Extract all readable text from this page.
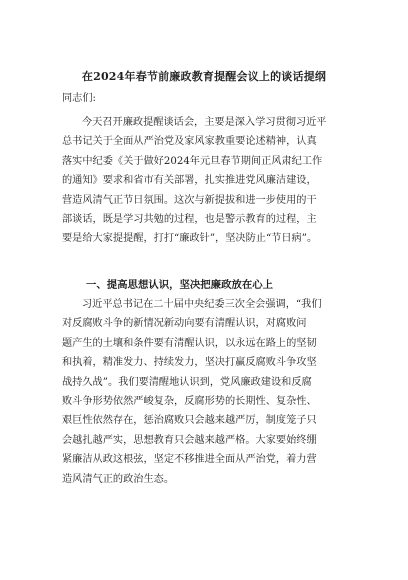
在2024年春节前廉政教育提醒会议上的谈话提纲
同志们:
今天召开廉政提醒谈话会，主要是深入学习贯彻习近平
总书记关于全面从严治党及家风家教重要论述精神，认真
落实中纪委《关于做好2024年元旦春节期间正风肃纪工作
的通知》要求和省市有关部署，扎实推进党风廉洁建设，
营造风清气正节日氛围。这次与新提拔和进一步使用的干
部谈话，既是学习共勉的过程，也是警示教育的过程，主
要是给大家提提醒，打打“廉政针”，坚决防止“节日病”。
一、提高思想认识，坚决把廉政放在心上
习近平总书记在二十届中央纪委三次全会强调，“我们
对反腐败斗争的新情况新动向要有清醒认识，对腐败问
题产生的土壤和条件要有清醒认识，以永远在路上的坚韧
和执着，精准发力、持续发力，坚决打赢反腐败斗争攻坚
战持久战”。我们要清醒地认识到，党风廉政建设和反腐
败斗争形势依然严峻复杂，反腐形势的长期性、复杂性、
艰巨性依然存在，惩治腐败只会越来越严厉，制度笼子只
会越扎越严实，思想教育只会越来越严格。大家要始终绷
紧廉洁从政这根弦，坚定不移推进全面从严治党，着力营
造风清气正的政治生态。
